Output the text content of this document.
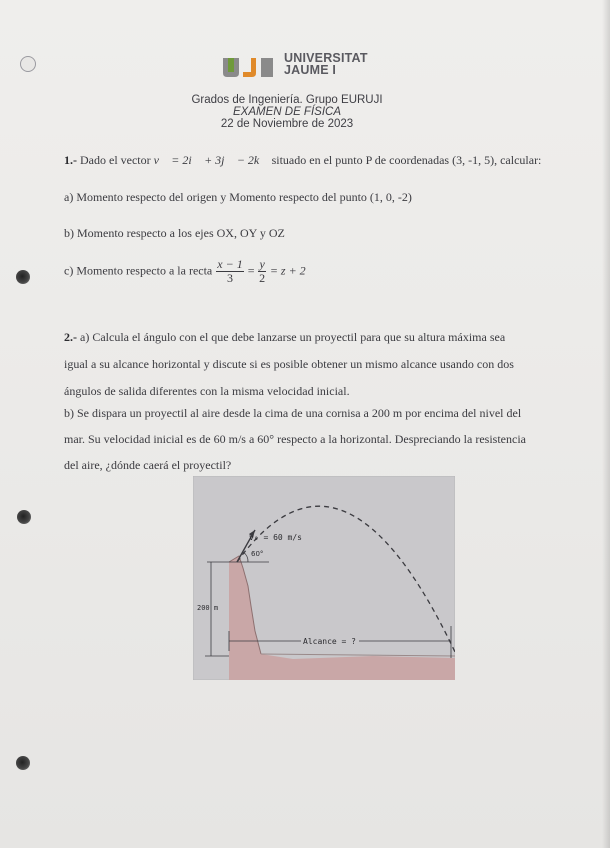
UNIVERSITAT
JAUME I
Grados de Ingeniería. Grupo EURUJI
EXAMEN DE FÍSICA
22 de Noviembre de 2023
1.- Dado el vector v⃗ = 2i⃗ + 3j⃗ − 2k⃗ situado en el punto P de coordenadas (3, -1, 5), calcular:
a) Momento respecto del origen y Momento respecto del punto (1, 0, -2)
b) Momento respecto a los ejes OX, OY y OZ
c) Momento respecto a la recta $\frac{x - 1}{3} = \frac{y}{2} = z + 2$
2.- a) Calcula el ángulo con el que debe lanzarse un proyectil para que su altura máxima sea
igual a su alcance horizontal y discute si es posible obtener un mismo alcance usando con dos
ángulos de salida diferentes con la misma velocidad inicial.
b) Se dispara un proyectil al aire desde la cima de una cornisa a 200 m por encima del nivel del
mar. Su velocidad inicial es de 60 m/s a 60° respecto a la horizontal. Despreciando la resistencia
del aire, ¿dónde caerá el proyectil?
v₀ = 60 m/s
60°
200 m
Alcance = ?
